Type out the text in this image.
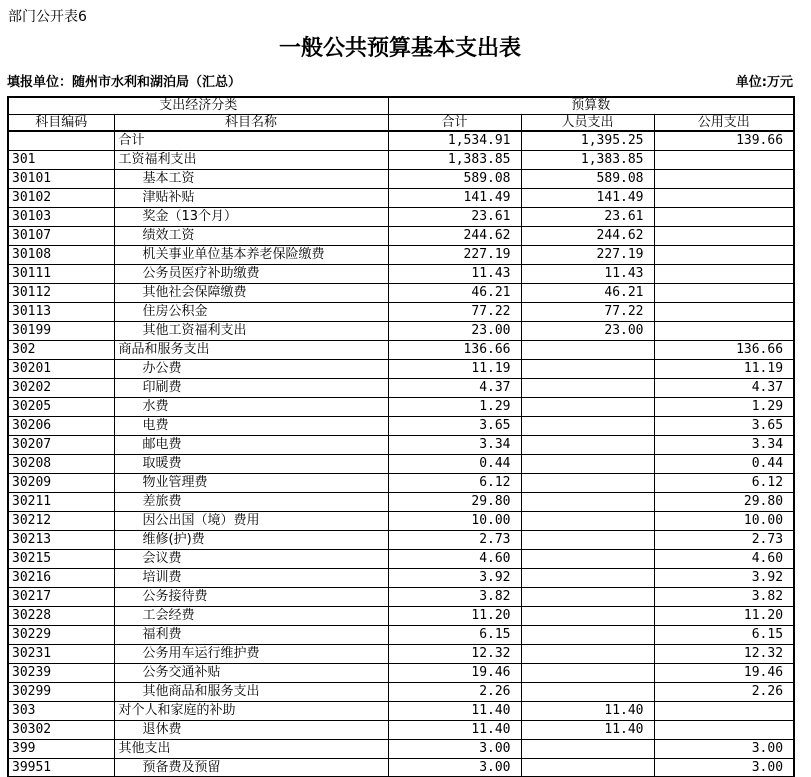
部门公开表6
一般公共预算基本支出表
填报单位：随州市水利和湖泊局（汇总）	单位:万元
支出经济分类		预算数		
科目编码	科目名称	合计	人员支出	公用支出
	合计	1,534.91	1,395.25	139.66
301	工资福利支出	1,383.85	1,383.85	
30101	基本工资	589.08	589.08	
30102	津贴补贴	141.49	141.49	
30103	奖金（13个月）	23.61	23.61	
30107	绩效工资	244.62	244.62	
30108	机关事业单位基本养老保险缴费	227.19	227.19	
30111	公务员医疗补助缴费	11.43	11.43	
30112	其他社会保障缴费	46.21	46.21	
30113	住房公积金	77.22	77.22	
30199	其他工资福利支出	23.00	23.00	
302	商品和服务支出	136.66		136.66
30201	办公费	11.19		11.19
30202	印刷费	4.37		4.37
30205	水费	1.29		1.29
30206	电费	3.65		3.65
30207	邮电费	3.34		3.34
30208	取暖费	0.44		0.44
30209	物业管理费	6.12		6.12
30211	差旅费	29.80		29.80
30212	因公出国（境）费用	10.00		10.00
30213	维修(护)费	2.73		2.73
30215	会议费	4.60		4.60
30216	培训费	3.92		3.92
30217	公务接待费	3.82		3.82
30228	工会经费	11.20		11.20
30229	福利费	6.15		6.15
30231	公务用车运行维护费	12.32		12.32
30239	公务交通补贴	19.46		19.46
30299	其他商品和服务支出	2.26		2.26
303	对个人和家庭的补助	11.40	11.40	
30302	退休费	11.40	11.40	
399	其他支出	3.00		3.00
39951	预备费及预留	3.00		3.00
